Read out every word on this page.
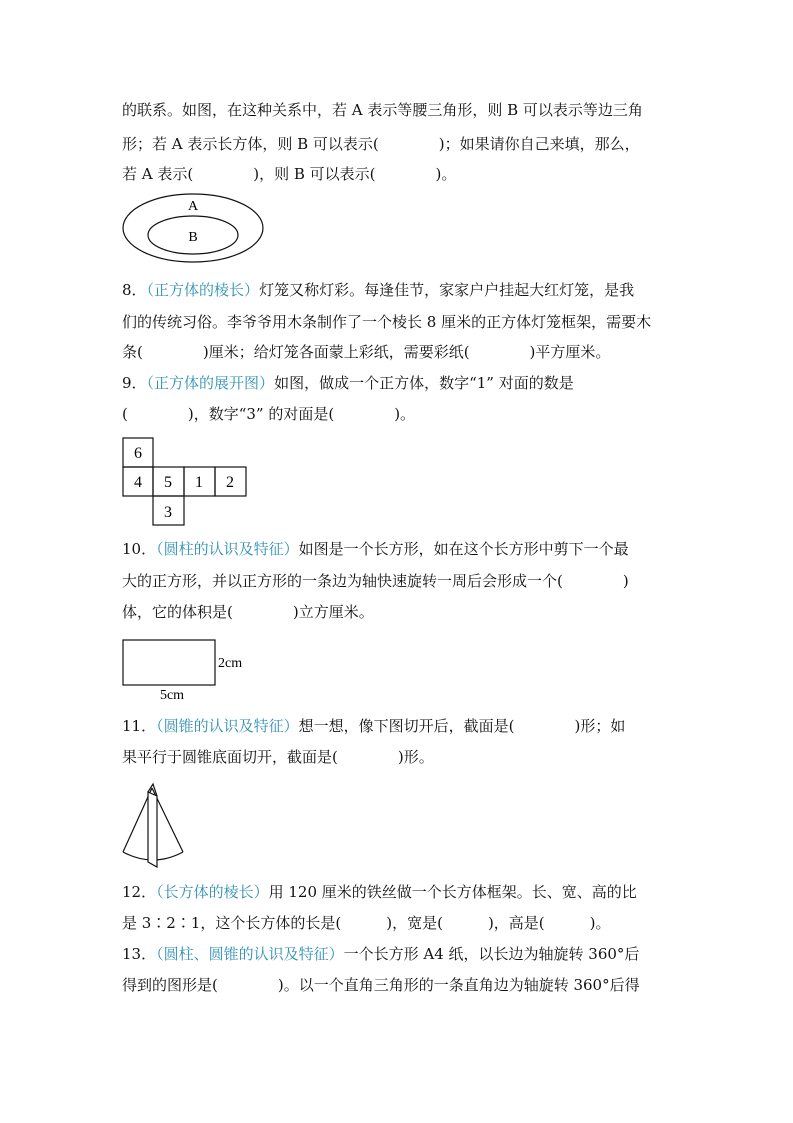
的联系。如图，在这种关系中，若 A 表示等腰三角形，则 B 可以表示等边三角
形；若 A 表示长方体，则 B 可以表示(　　　　)；如果请你自己来填，那么，
若 A 表示(　　　　)，则 B 可以表示(　　　　)。
A
B
8．（正方体的棱长）灯笼又称灯彩。每逢佳节，家家户户挂起大红灯笼，是我
们的传统习俗。李爷爷用木条制作了一个棱长 8 厘米的正方体灯笼框架，需要木
条(　　　　)厘米；给灯笼各面蒙上彩纸，需要彩纸(　　　　)平方厘米。
9．（正方体的展开图）如图，做成一个正方体，数字“1” 对面的数是
(　　　　)，数字“3” 的对面是(　　　　)。
6
4 5 1 2
3
10．（圆柱的认识及特征）如图是一个长方形，如在这个长方形中剪下一个最
大的正方形，并以正方形的一条边为轴快速旋转一周后会形成一个(　　　　)
体，它的体积是(　　　　)立方厘米。
2cm
5cm
11．（圆锥的认识及特征）想一想，像下图切开后，截面是(　　　　)形；如
果平行于圆锥底面切开，截面是(　　　　)形。
12．（长方体的棱长）用 120 厘米的铁丝做一个长方体框架。长、宽、高的比
是 3∶2∶1，这个长方体的长是(　　　)，宽是(　　　)，高是(　　　)。
13．（圆柱、圆锥的认识及特征）一个长方形 A4 纸，以长边为轴旋转 360°后
得到的图形是(　　　　)。以一个直角三角形的一条直角边为轴旋转 360°后得
